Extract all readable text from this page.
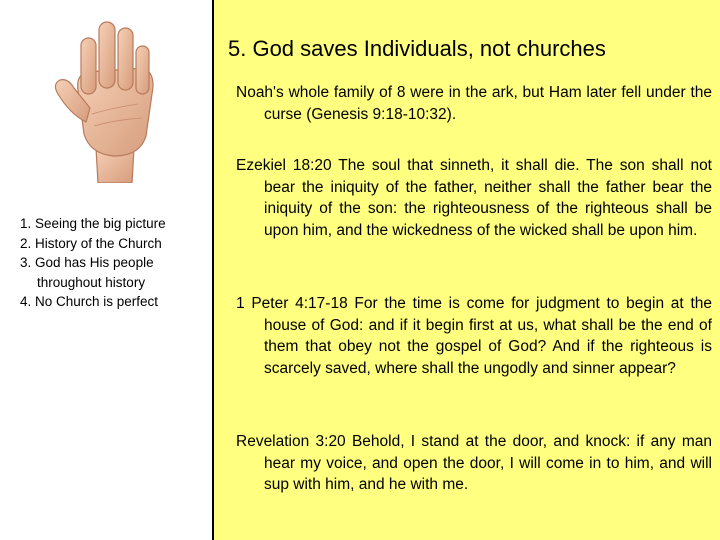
1. Seeing the big picture
2. History of the Church
3. God has His people throughout history
4. No Church is perfect
5. God saves Individuals, not churches

Noah's whole family of 8 were in the ark, but Ham later fell under the curse (Genesis 9:18-10:32).

Ezekiel 18:20 The soul that sinneth, it shall die. The son shall not bear the iniquity of the father, neither shall the father bear the iniquity of the son: the righteousness of the righteous shall be upon him, and the wickedness of the wicked shall be upon him.

1 Peter 4:17-18 For the time is come for judgment to begin at the house of God: and if it begin first at us, what shall be the end of them that obey not the gospel of God? And if the righteous is scarcely saved, where shall the ungodly and sinner appear?

Revelation 3:20 Behold, I stand at the door, and knock: if any man hear my voice, and open the door, I will come in to him, and will sup with him, and he with me.
